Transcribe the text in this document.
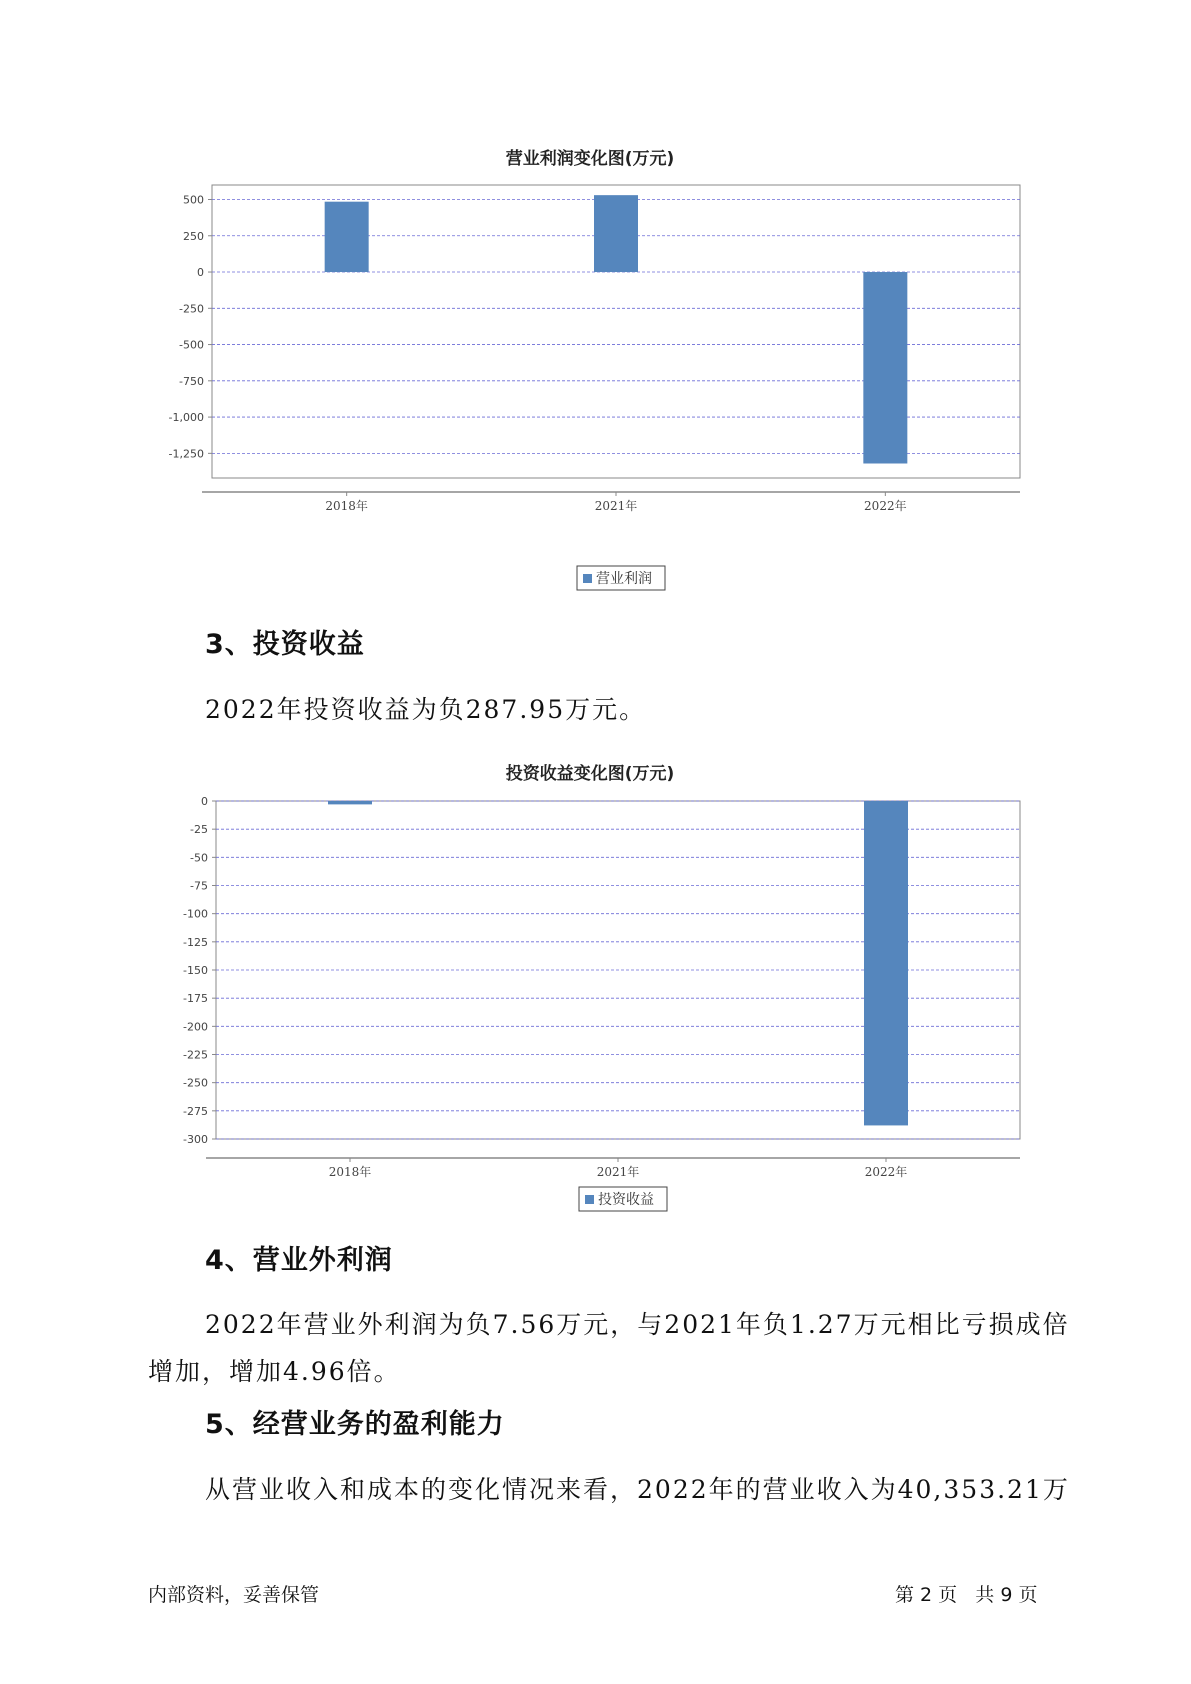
营业利润变化图(万元)
500
250
0
-250
-500
-750
-1,000
-1,250
2018年	2021年	2022年
营业利润
3、投资收益
2022年投资收益为负287.95万元。
投资收益变化图(万元)
0
-25
-50
-75
-100
-125
-150
-175
-200
-225
-250
-275
-300
2018年	2021年	2022年
投资收益
4、营业外利润
2022年营业外利润为负7.56万元，与2021年负1.27万元相比亏损成倍
增加，增加4.96倍。
5、经营业务的盈利能力
从营业收入和成本的变化情况来看，2022年的营业收入为40,353.21万
内部资料，妥善保管	第 2 页   共 9 页
